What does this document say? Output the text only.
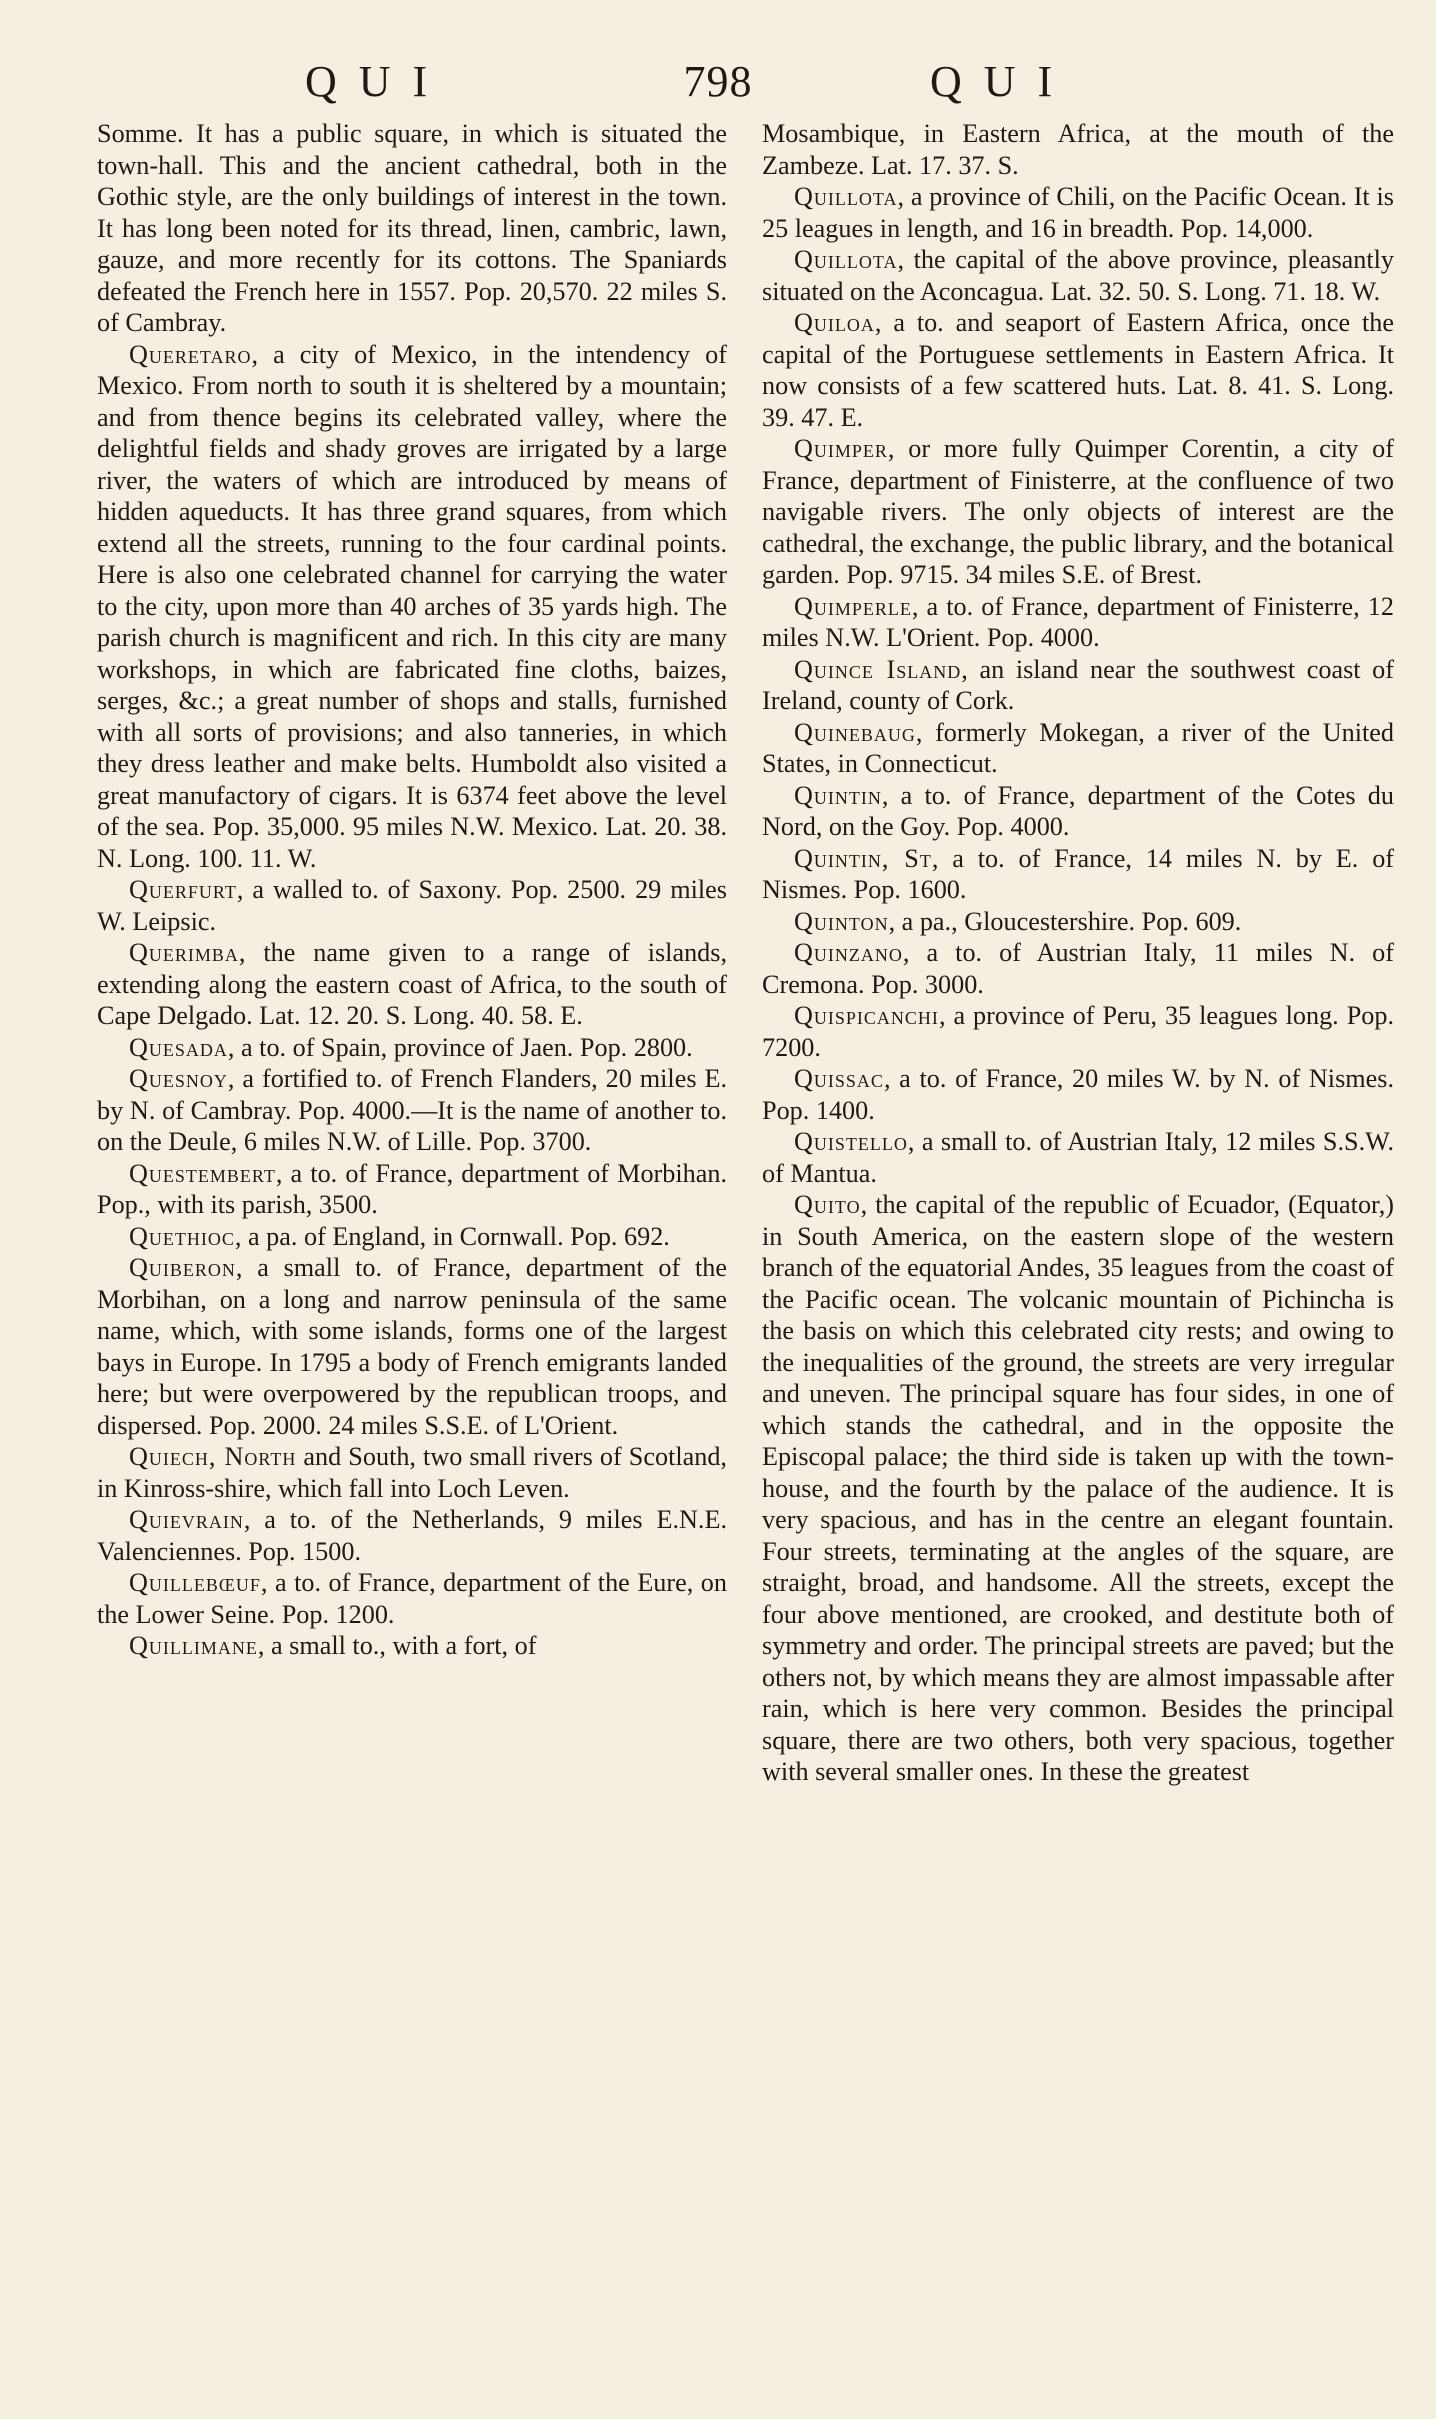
QUI	798	QUI

Somme. It has a public square, in which is situated the town-hall. This and the ancient cathedral, both in the Gothic style, are the only buildings of interest in the town. It has long been noted for its thread, linen, cambric, lawn, gauze, and more recently for its cottons. The Spaniards defeated the French here in 1557. Pop. 20,570. 22 miles S. of Cambray.

Queretaro, a city of Mexico, in the intendency of Mexico. From north to south it is sheltered by a mountain; and from thence begins its celebrated valley, where the delightful fields and shady groves are irrigated by a large river, the waters of which are introduced by means of hidden aqueducts. It has three grand squares, from which extend all the streets, running to the four cardinal points. Here is also one celebrated channel for carrying the water to the city, upon more than 40 arches of 35 yards high. The parish church is magnificent and rich. In this city are many workshops, in which are fabricated fine cloths, baizes, serges, &c.; a great number of shops and stalls, furnished with all sorts of provisions; and also tanneries, in which they dress leather and make belts. Humboldt also visited a great manufactory of cigars. It is 6374 feet above the level of the sea. Pop. 35,000. 95 miles N.W. Mexico. Lat. 20. 38. N. Long. 100. 11. W.

Querfurt, a walled to. of Saxony. Pop. 2500. 29 miles W. Leipsic.

Querimba, the name given to a range of islands, extending along the eastern coast of Africa, to the south of Cape Delgado. Lat. 12. 20. S. Long. 40. 58. E.

Quesada, a to. of Spain, province of Jaen. Pop. 2800.

Quesnoy, a fortified to. of French Flanders, 20 miles E. by N. of Cambray. Pop. 4000.—It is the name of another to. on the Deule, 6 miles N.W. of Lille. Pop. 3700.

Questembert, a to. of France, department of Morbihan. Pop., with its parish, 3500.

Quethioc, a pa. of England, in Cornwall. Pop. 692.

Quiberon, a small to. of France, department of the Morbihan, on a long and narrow peninsula of the same name, which, with some islands, forms one of the largest bays in Europe. In 1795 a body of French emigrants landed here; but were overpowered by the republican troops, and dispersed. Pop. 2000. 24 miles S.S.E. of L'Orient.

Quiech, North and South, two small rivers of Scotland, in Kinross-shire, which fall into Loch Leven.

Quievrain, a to. of the Netherlands, 9 miles E.N.E. Valenciennes. Pop. 1500.

Quillebœuf, a to. of France, department of the Eure, on the Lower Seine. Pop. 1200.

Quillimane, a small to., with a fort, of

Mosambique, in Eastern Africa, at the mouth of the Zambeze. Lat. 17. 37. S.

Quillota, a province of Chili, on the Pacific Ocean. It is 25 leagues in length, and 16 in breadth. Pop. 14,000.

Quillota, the capital of the above province, pleasantly situated on the Aconcagua. Lat. 32. 50. S. Long. 71. 18. W.

Quiloa, a to. and seaport of Eastern Africa, once the capital of the Portuguese settlements in Eastern Africa. It now consists of a few scattered huts. Lat. 8. 41. S. Long. 39. 47. E.

Quimper, or more fully Quimper Corentin, a city of France, department of Finisterre, at the confluence of two navigable rivers. The only objects of interest are the cathedral, the exchange, the public library, and the botanical garden. Pop. 9715. 34 miles S.E. of Brest.

Quimperle, a to. of France, department of Finisterre, 12 miles N.W. L'Orient. Pop. 4000.

Quince Island, an island near the southwest coast of Ireland, county of Cork.

Quinebaug, formerly Mokegan, a river of the United States, in Connecticut.

Quintin, a to. of France, department of the Cotes du Nord, on the Goy. Pop. 4000.

Quintin, St, a to. of France, 14 miles N. by E. of Nismes. Pop. 1600.

Quinton, a pa., Gloucestershire. Pop. 609.

Quinzano, a to. of Austrian Italy, 11 miles N. of Cremona. Pop. 3000.

Quispicanchi, a province of Peru, 35 leagues long. Pop. 7200.

Quissac, a to. of France, 20 miles W. by N. of Nismes. Pop. 1400.

Quistello, a small to. of Austrian Italy, 12 miles S.S.W. of Mantua.

Quito, the capital of the republic of Ecuador, (Equator,) in South America, on the eastern slope of the western branch of the equatorial Andes, 35 leagues from the coast of the Pacific ocean. The volcanic mountain of Pichincha is the basis on which this celebrated city rests; and owing to the inequalities of the ground, the streets are very irregular and uneven. The principal square has four sides, in one of which stands the cathedral, and in the opposite the Episcopal palace; the third side is taken up with the town-house, and the fourth by the palace of the audience. It is very spacious, and has in the centre an elegant fountain. Four streets, terminating at the angles of the square, are straight, broad, and handsome. All the streets, except the four above mentioned, are crooked, and destitute both of symmetry and order. The principal streets are paved; but the others not, by which means they are almost impassable after rain, which is here very common. Besides the principal square, there are two others, both very spacious, together with several smaller ones. In these the greatest
